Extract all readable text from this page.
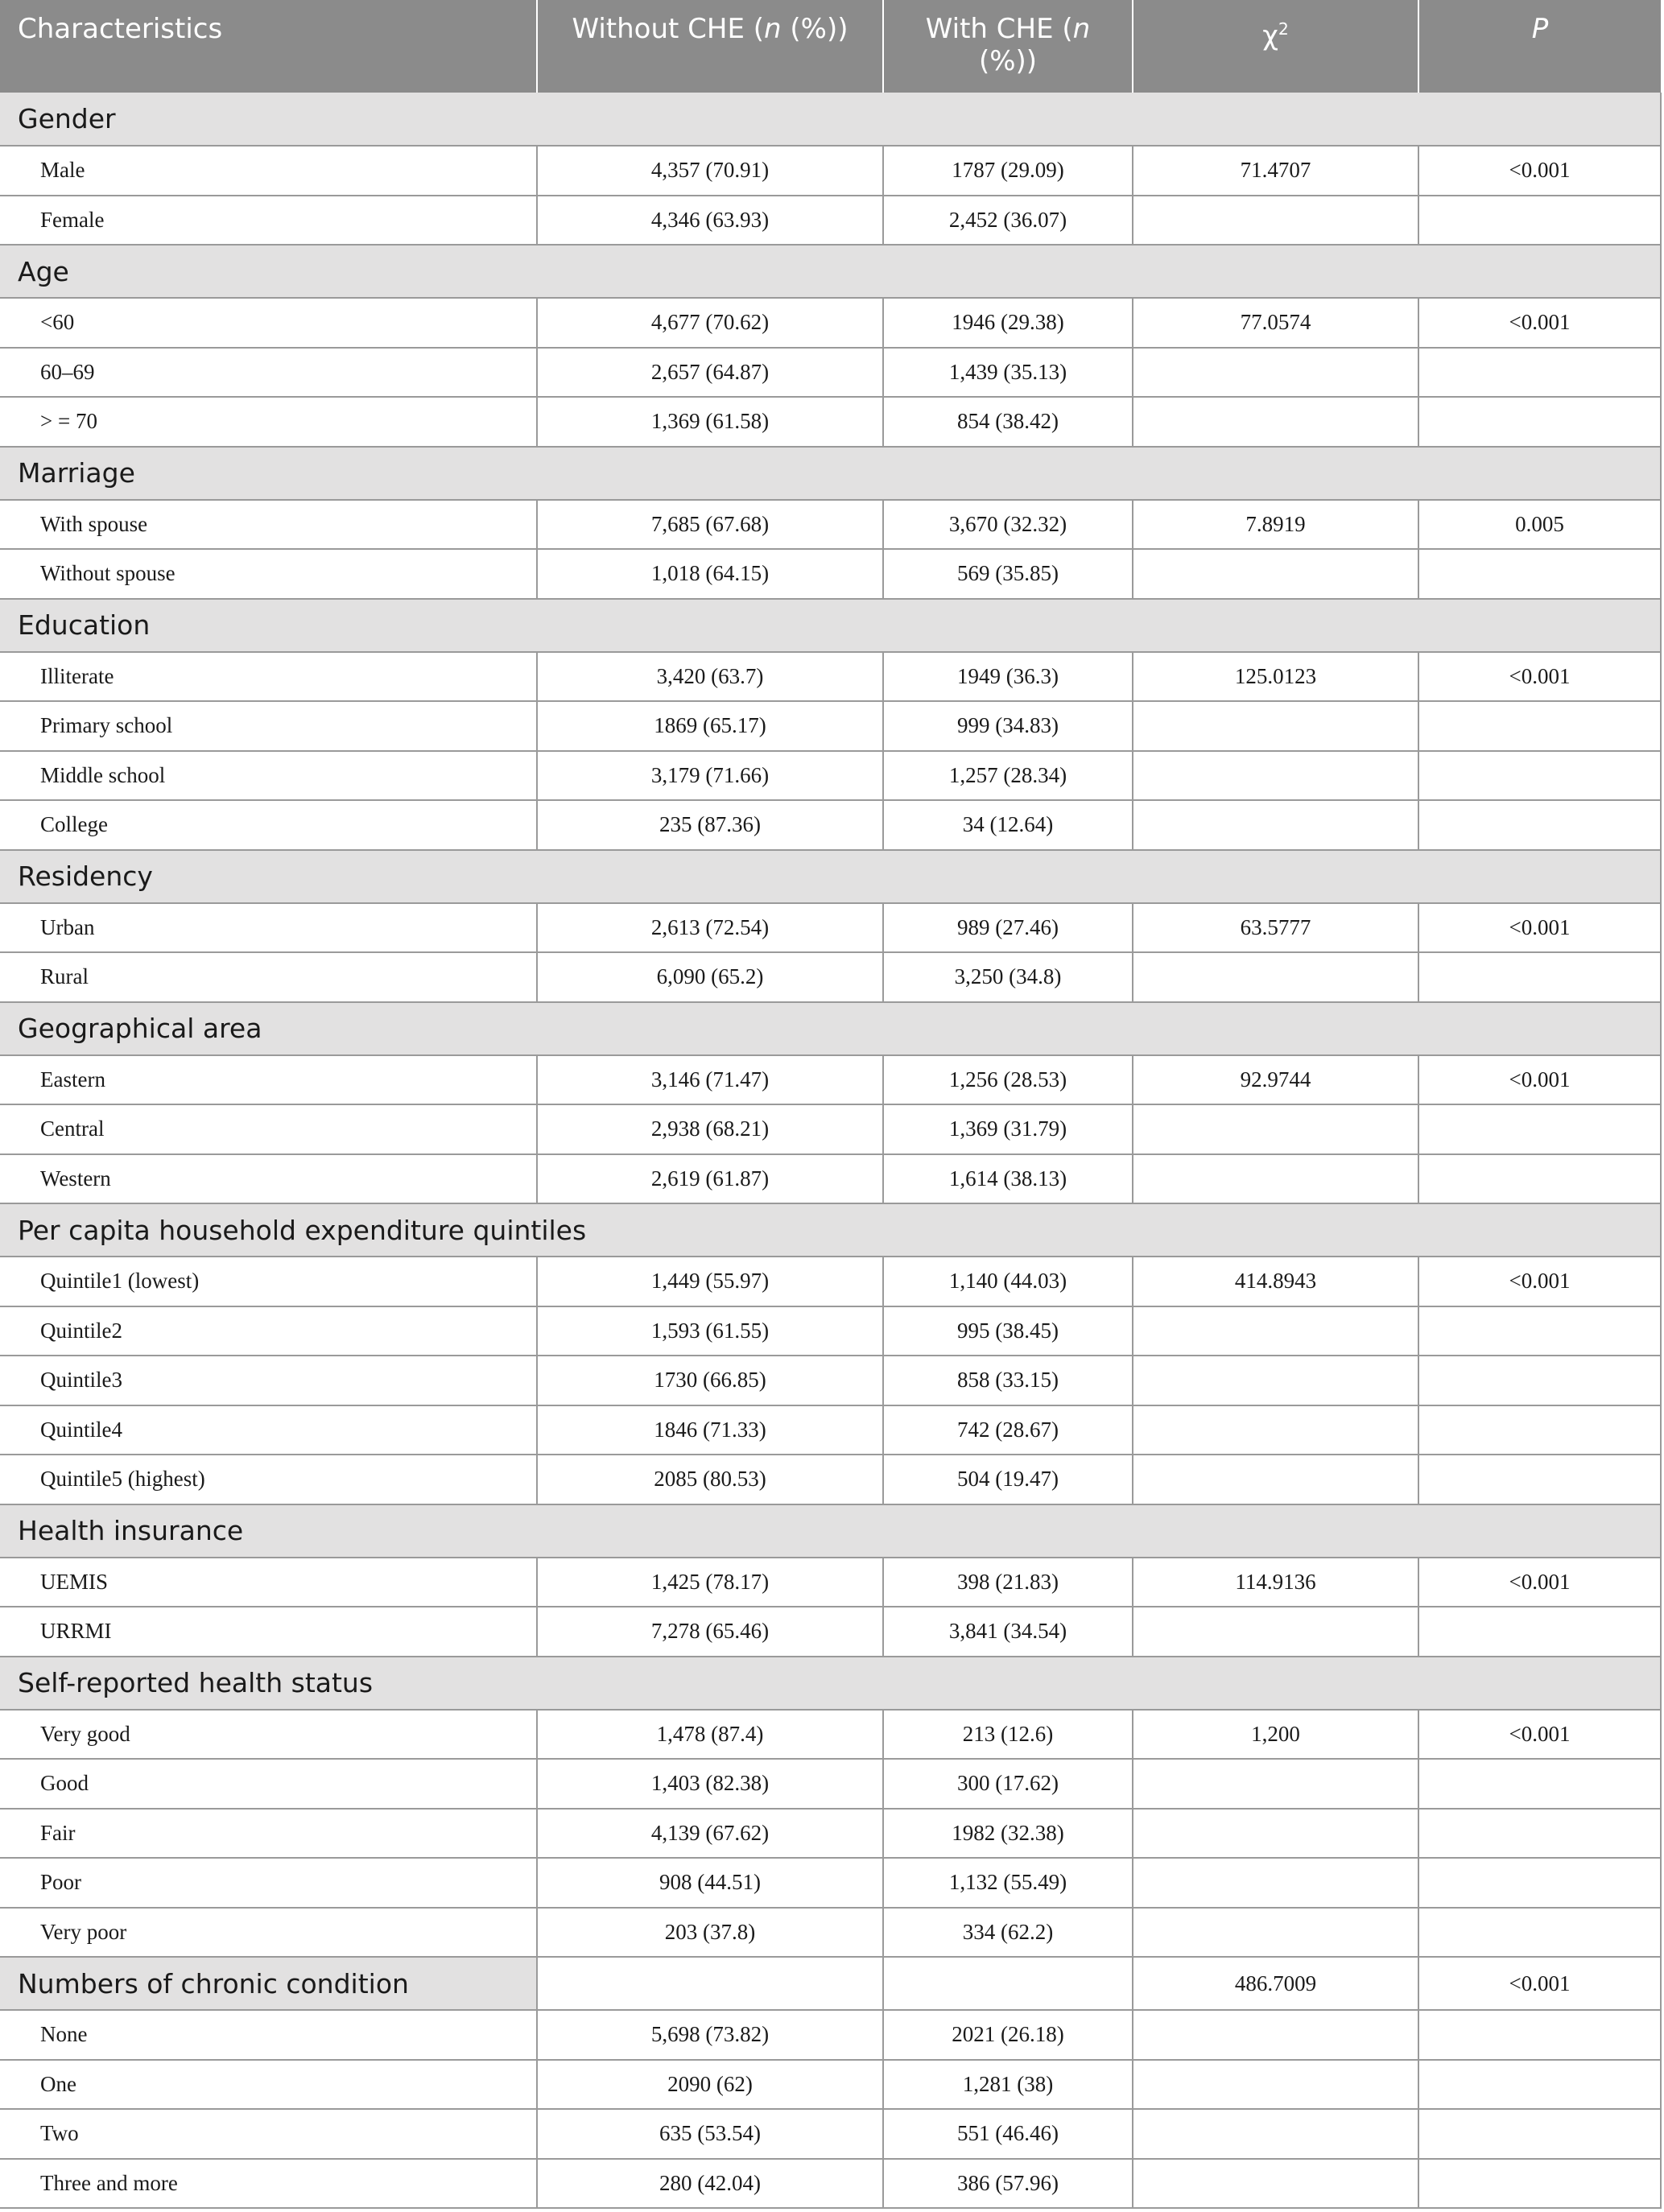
Characteristics	Without CHE (n (%))	With CHE (n (%))	$\chi^2$	P
Gender				
Male	4,357 (70.91)	1787 (29.09)	71.4707	<0.001
Female	4,346 (63.93)	2,452 (36.07)		
Age				
<60	4,677 (70.62)	1946 (29.38)	77.0574	<0.001
60–69	2,657 (64.87)	1,439 (35.13)		
> = 70	1,369 (61.58)	854 (38.42)		
Marriage				
With spouse	7,685 (67.68)	3,670 (32.32)	7.8919	0.005
Without spouse	1,018 (64.15)	569 (35.85)		
Education				
Illiterate	3,420 (63.7)	1949 (36.3)	125.0123	<0.001
Primary school	1869 (65.17)	999 (34.83)		
Middle school	3,179 (71.66)	1,257 (28.34)		
College	235 (87.36)	34 (12.64)		
Residency				
Urban	2,613 (72.54)	989 (27.46)	63.5777	<0.001
Rural	6,090 (65.2)	3,250 (34.8)		
Geographical area				
Eastern	3,146 (71.47)	1,256 (28.53)	92.9744	<0.001
Central	2,938 (68.21)	1,369 (31.79)		
Western	2,619 (61.87)	1,614 (38.13)		
Per capita household expenditure quintiles				
Quintile1 (lowest)	1,449 (55.97)	1,140 (44.03)	414.8943	<0.001
Quintile2	1,593 (61.55)	995 (38.45)		
Quintile3	1730 (66.85)	858 (33.15)		
Quintile4	1846 (71.33)	742 (28.67)		
Quintile5 (highest)	2085 (80.53)	504 (19.47)		
Health insurance				
UEMIS	1,425 (78.17)	398 (21.83)	114.9136	<0.001
URRMI	7,278 (65.46)	3,841 (34.54)		
Self-reported health status				
Very good	1,478 (87.4)	213 (12.6)	1,200	<0.001
Good	1,403 (82.38)	300 (17.62)		
Fair	4,139 (67.62)	1982 (32.38)		
Poor	908 (44.51)	1,132 (55.49)		
Very poor	203 (37.8)	334 (62.2)		
Numbers of chronic condition			486.7009	<0.001
None	5,698 (73.82)	2021 (26.18)		
One	2090 (62)	1,281 (38)		
Two	635 (53.54)	551 (46.46)		
Three and more	280 (42.04)	386 (57.96)		
